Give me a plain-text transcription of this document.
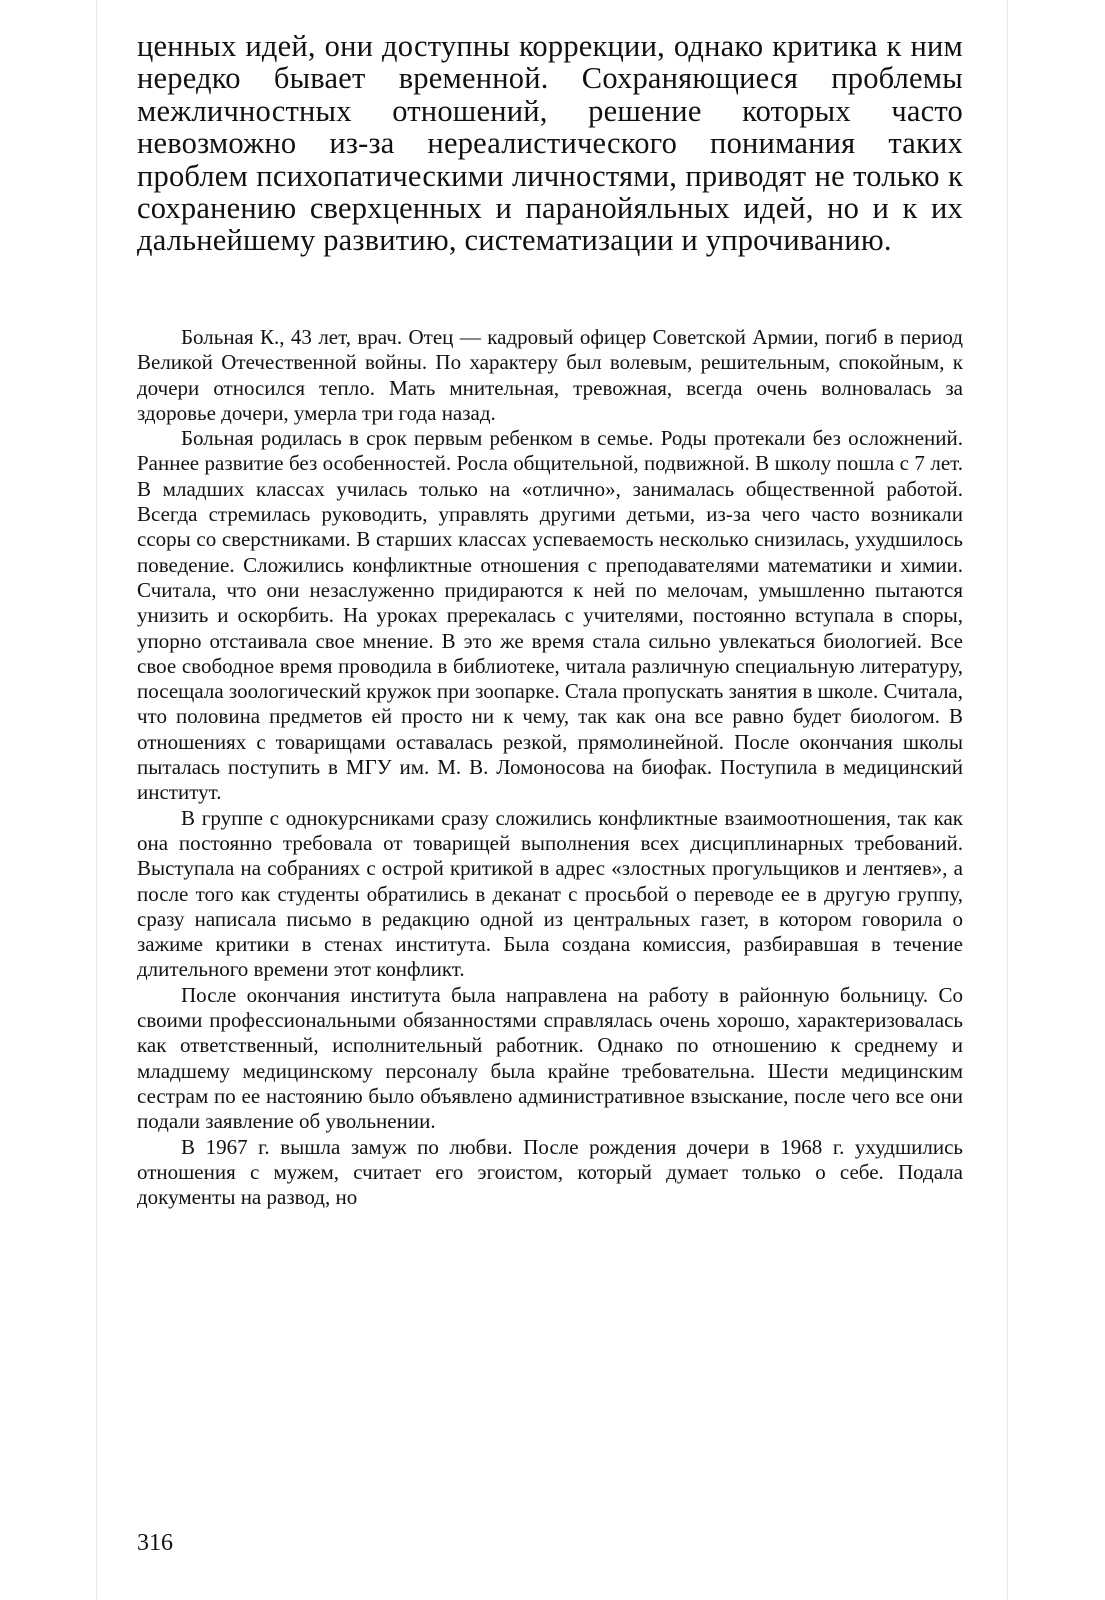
ценных идей, они доступны коррекции, однако критика к ним нередко бывает временной. Сохраняющиеся проблемы межличностных отношений, решение которых часто невозможно из-за нереалистического понимания таких проблем психопатическими личностями, приводят не только к сохранению сверхценных и паранойяльных идей, но и к их дальнейшему развитию, систематизации и упрочиванию.

Больная К., 43 лет, врач. Отец — кадровый офицер Советской Армии, погиб в период Великой Отечественной войны. По характеру был волевым, решительным, спокойным, к дочери относился тепло. Мать мнительная, тревожная, всегда очень волновалась за здоровье дочери, умерла три года назад.

Больная родилась в срок первым ребенком в семье. Роды протекали без осложнений. Раннее развитие без особенностей. Росла общительной, подвижной. В школу пошла с 7 лет. В младших классах училась только на «отлично», занималась общественной работой. Всегда стремилась руководить, управлять другими детьми, из-за чего часто возникали ссоры со сверстниками. В старших классах успеваемость несколько снизилась, ухудшилось поведение. Сложились конфликтные отношения с преподавателями математики и химии. Считала, что они незаслуженно придираются к ней по мелочам, умышленно пытаются унизить и оскорбить. На уроках пререкалась с учителями, постоянно вступала в споры, упорно отстаивала свое мнение. В это же время стала сильно увлекаться биологией. Все свое свободное время проводила в библиотеке, читала различную специальную литературу, посещала зоологический кружок при зоопарке. Стала пропускать занятия в школе. Считала, что половина предметов ей просто ни к чему, так как она все равно будет биологом. В отношениях с товарищами оставалась резкой, прямолинейной. После окончания школы пыталась поступить в МГУ им. М. В. Ломоносова на биофак. Поступила в медицинский институт.

В группе с однокурсниками сразу сложились конфликтные взаимоотношения, так как она постоянно требовала от товарищей выполнения всех дисциплинарных требований. Выступала на собраниях с острой критикой в адрес «злостных прогульщиков и лентяев», а после того как студенты обратились в деканат с просьбой о переводе ее в другую группу, сразу написала письмо в редакцию одной из центральных газет, в котором говорила о зажиме критики в стенах института. Была создана комиссия, разбиравшая в течение длительного времени этот конфликт.

После окончания института была направлена на работу в районную больницу. Со своими профессиональными обязанностями справлялась очень хорошо, характеризовалась как ответственный, исполнительный работник. Однако по отношению к среднему и младшему медицинскому персоналу была крайне требовательна. Шести медицинским сестрам по ее настоянию было объявлено административное взыскание, после чего все они подали заявление об увольнении.

В 1967 г. вышла замуж по любви. После рождения дочери в 1968 г. ухудшились отношения с мужем, считает его эгоистом, который думает только о себе. Подала документы на развод, но

316
